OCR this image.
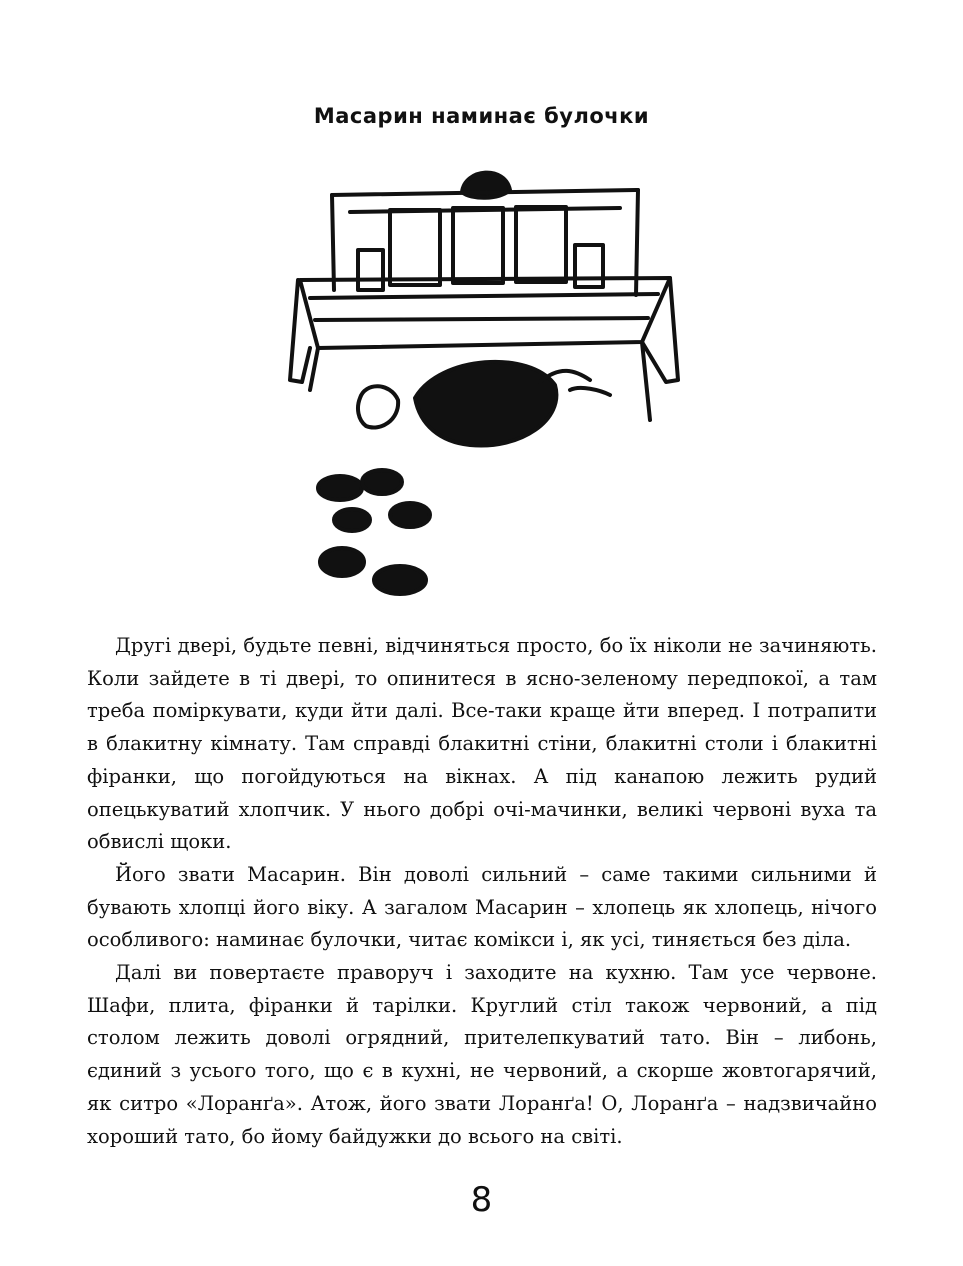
Масарин наминає булочки

Другі двері, будьте певні, відчиняться просто, бо їх ніколи не зачиняють. Коли зайдете в ті двері, то опинитеся в ясно-зеленому передпокої, а там треба поміркувати, куди йти далі. Все-таки краще йти вперед. І потрапити в блакитну кімнату. Там справді блакитні стіни, блакитні столи і блакитні фіранки, що погойдуються на вікнах. А під канапою лежить рудий опецькуватий хлопчик. У нього добрі очі-мачинки, великі червоні вуха та обвислі щоки.

Його звати Масарин. Він доволі сильний – саме такими сильними й бувають хлопці його віку. А загалом Масарин – хлопець як хлопець, нічого особливого: наминає булочки, читає комікси і, як усі, тиняється без діла.

Далі ви повертаєте праворуч і заходите на кухню. Там усе червоне. Шафи, плита, фіранки й тарілки. Круглий стіл також червоний, а під столом лежить доволі огрядний, прителепкуватий тато. Він – либонь, єдиний з усього того, що є в кухні, не червоний, а скорше жовтогарячий, як ситро «Лоранґа». Атож, його звати Лоранґа! О, Лоранґа – надзвичайно хороший тато, бо йому байдужки до всього на світі.

8
